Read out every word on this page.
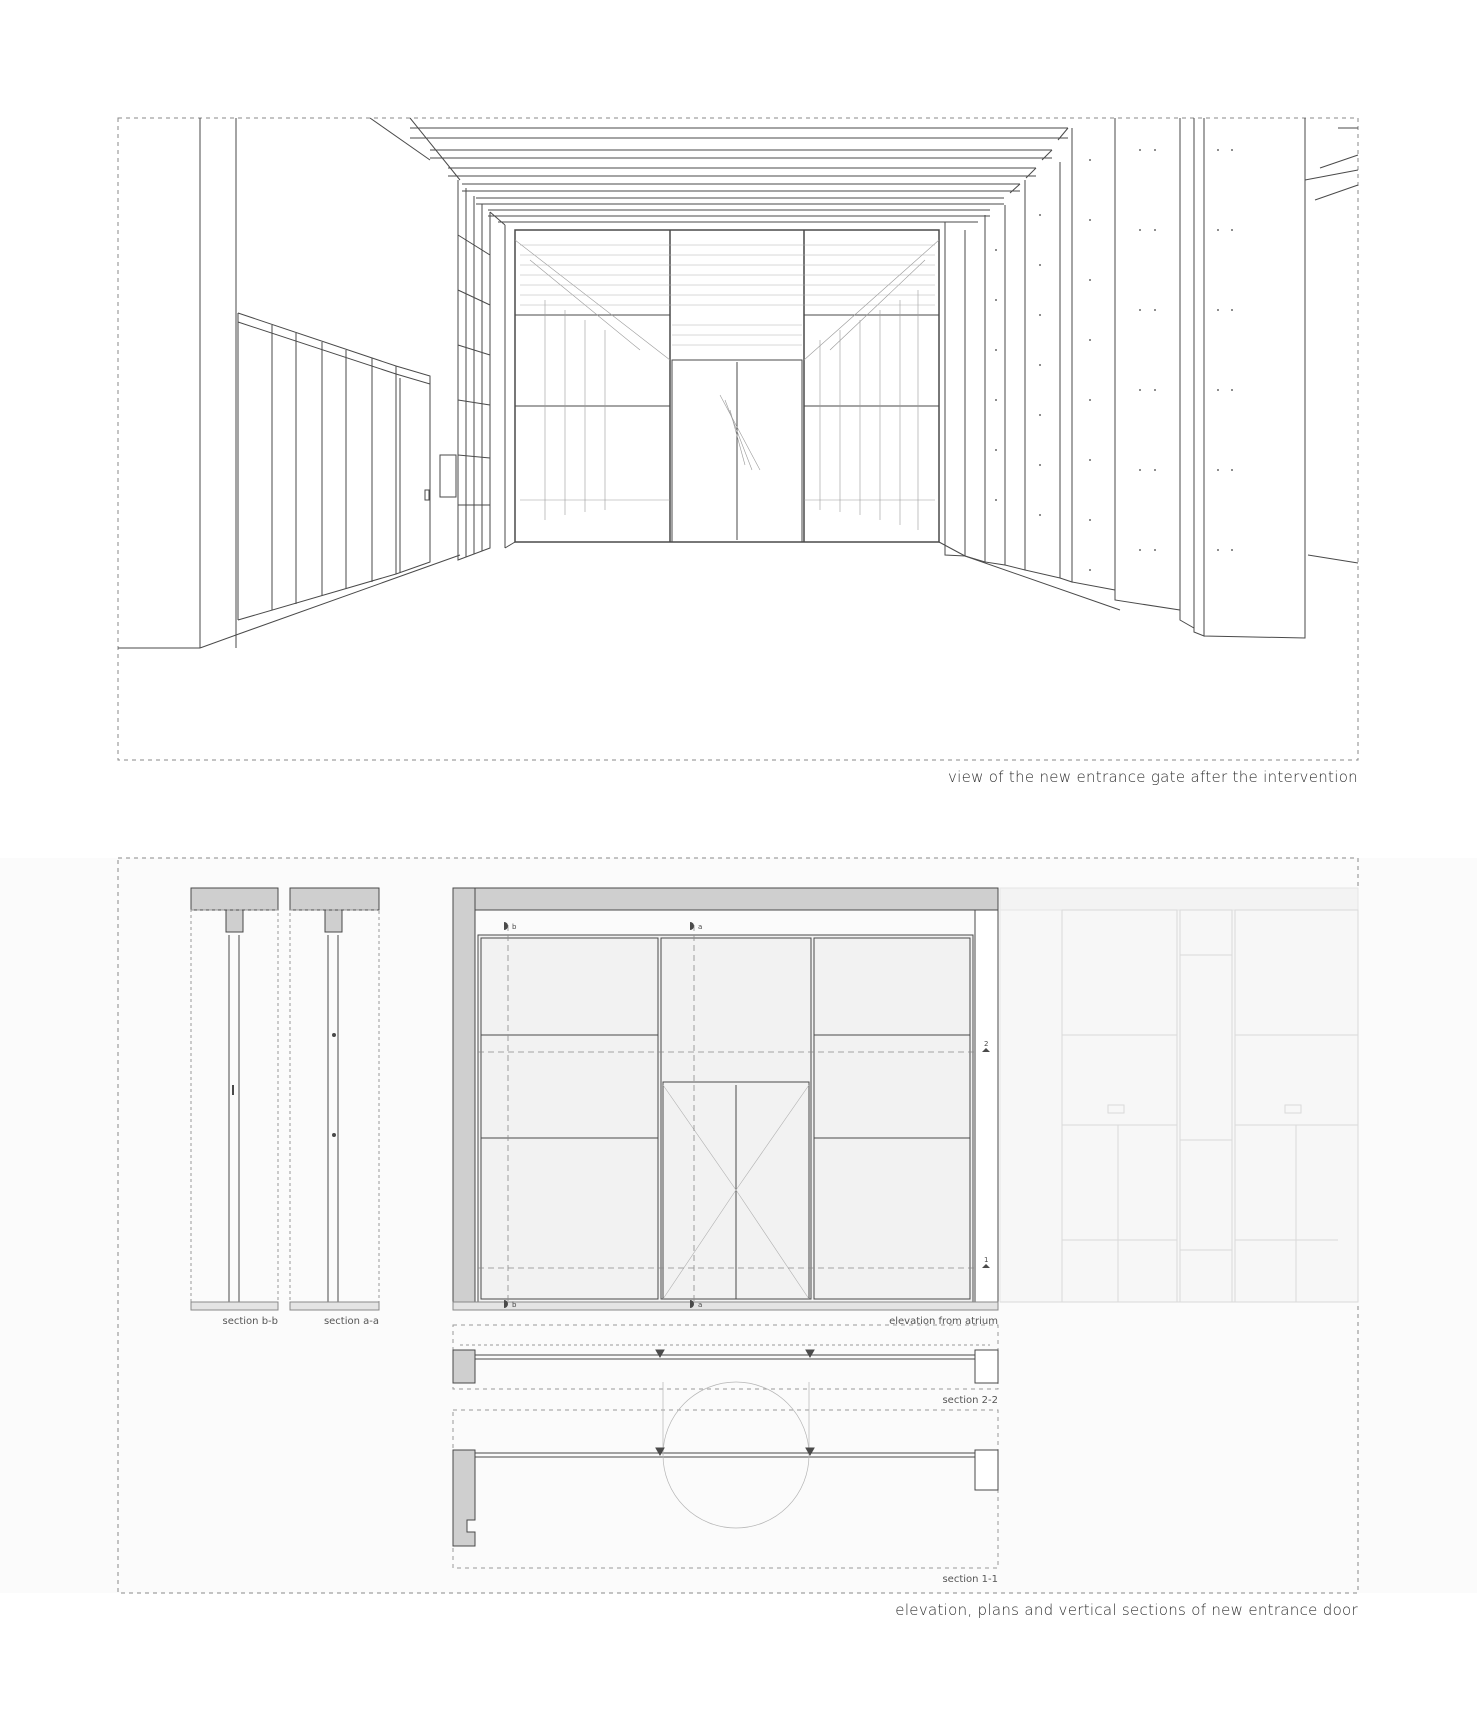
section b-b	section a-a
b	a
b	a
2
1
elevation from atrium
section 2-2
section 1-1
view of the new entrance gate after the intervention
elevation, plans and vertical sections of new entrance door
